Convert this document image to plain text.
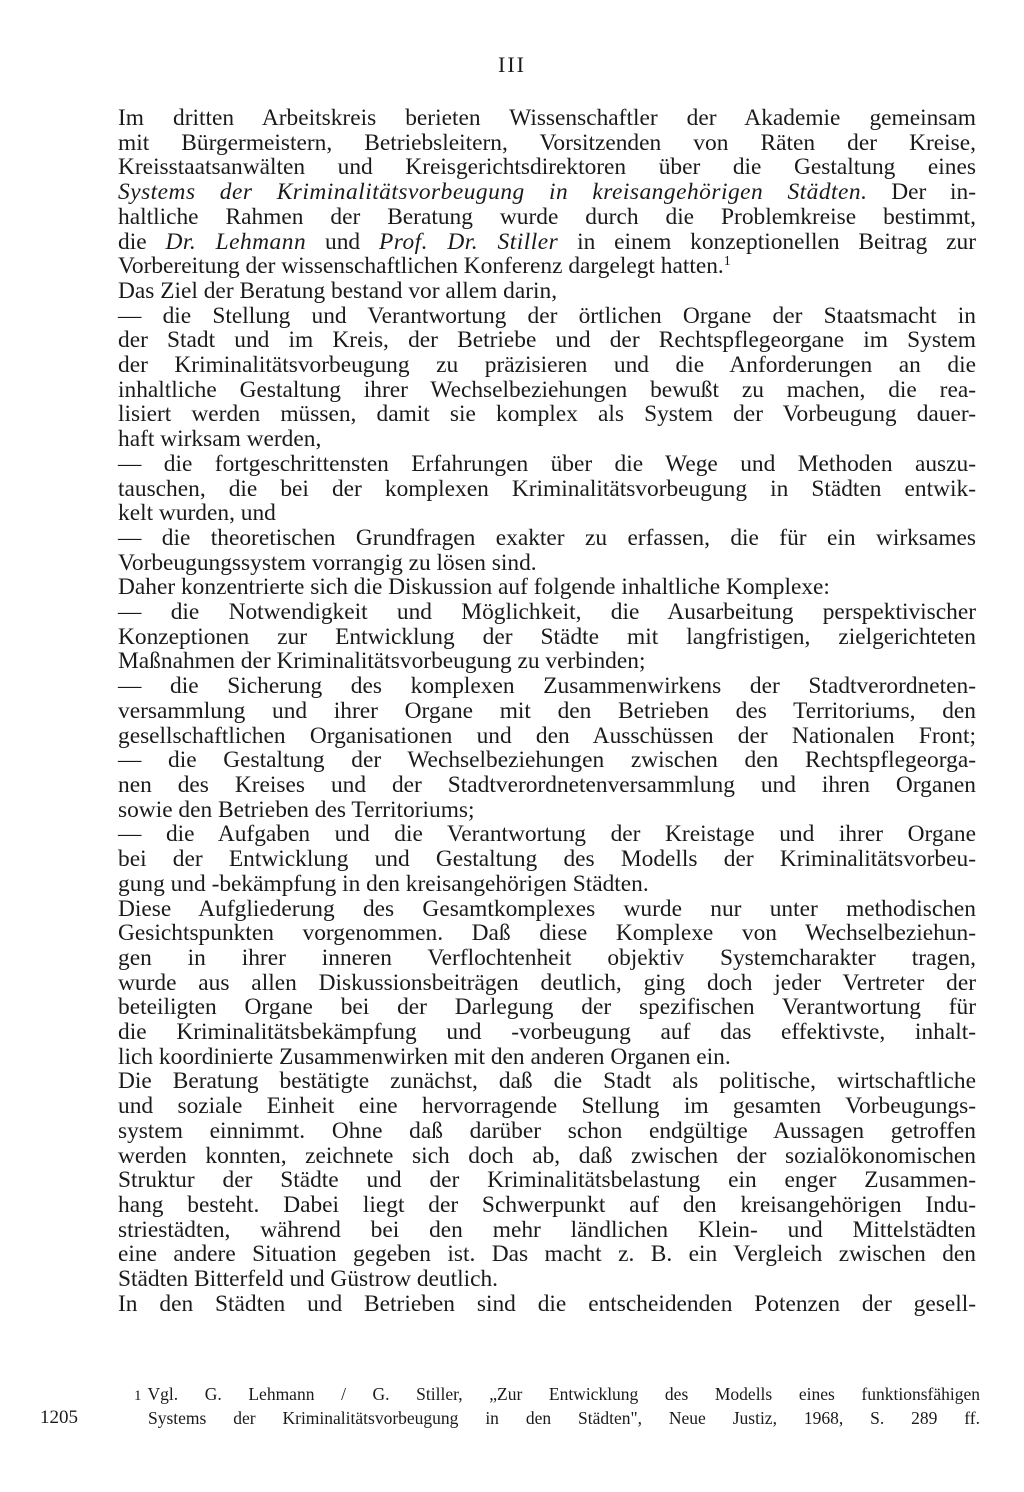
III
Im dritten Arbeitskreis berieten Wissenschaftler der Akademie gemeinsam
mit Bürgermeistern, Betriebsleitern, Vorsitzenden von Räten der Kreise,
Kreisstaatsanwälten und Kreisgerichtsdirektoren über die Gestaltung eines
Systems der Kriminalitätsvorbeugung in kreisangehörigen Städten. Der in-
haltliche Rahmen der Beratung wurde durch die Problemkreise bestimmt,
die Dr. Lehmann und Prof. Dr. Stiller in einem konzeptionellen Beitrag zur
Vorbereitung der wissenschaftlichen Konferenz dargelegt hatten.$^1$
Das Ziel der Beratung bestand vor allem darin,
— die Stellung und Verantwortung der örtlichen Organe der Staatsmacht in
der Stadt und im Kreis, der Betriebe und der Rechtspflegeorgane im System
der Kriminalitätsvorbeugung zu präzisieren und die Anforderungen an die
inhaltliche Gestaltung ihrer Wechselbeziehungen bewußt zu machen, die rea-
lisiert werden müssen, damit sie komplex als System der Vorbeugung dauer-
haft wirksam werden,
— die fortgeschrittensten Erfahrungen über die Wege und Methoden auszu-
tauschen, die bei der komplexen Kriminalitätsvorbeugung in Städten entwik-
kelt wurden, und
— die theoretischen Grundfragen exakter zu erfassen, die für ein wirksames
Vorbeugungssystem vorrangig zu lösen sind.
Daher konzentrierte sich die Diskussion auf folgende inhaltliche Komplexe:
— die Notwendigkeit und Möglichkeit, die Ausarbeitung perspektivischer
Konzeptionen zur Entwicklung der Städte mit langfristigen, zielgerichteten
Maßnahmen der Kriminalitätsvorbeugung zu verbinden;
— die Sicherung des komplexen Zusammenwirkens der Stadtverordneten-
versammlung und ihrer Organe mit den Betrieben des Territoriums, den
gesellschaftlichen Organisationen und den Ausschüssen der Nationalen Front;
— die Gestaltung der Wechselbeziehungen zwischen den Rechtspflegeorga-
nen des Kreises und der Stadtverordnetenversammlung und ihren Organen
sowie den Betrieben des Territoriums;
— die Aufgaben und die Verantwortung der Kreistage und ihrer Organe
bei der Entwicklung und Gestaltung des Modells der Kriminalitätsvorbeu-
gung und -bekämpfung in den kreisangehörigen Städten.
Diese Aufgliederung des Gesamtkomplexes wurde nur unter methodischen
Gesichtspunkten vorgenommen. Daß diese Komplexe von Wechselbeziehun-
gen in ihrer inneren Verflochtenheit objektiv Systemcharakter tragen,
wurde aus allen Diskussionsbeiträgen deutlich, ging doch jeder Vertreter der
beteiligten Organe bei der Darlegung der spezifischen Verantwortung für
die Kriminalitätsbekämpfung und -vorbeugung auf das effektivste, inhalt-
lich koordinierte Zusammenwirken mit den anderen Organen ein.
Die Beratung bestätigte zunächst, daß die Stadt als politische, wirtschaftliche
und soziale Einheit eine hervorragende Stellung im gesamten Vorbeugungs-
system einnimmt. Ohne daß darüber schon endgültige Aussagen getroffen
werden konnten, zeichnete sich doch ab, daß zwischen der sozialökonomischen
Struktur der Städte und der Kriminalitätsbelastung ein enger Zusammen-
hang besteht. Dabei liegt der Schwerpunkt auf den kreisangehörigen Indu-
striestädten, während bei den mehr ländlichen Klein- und Mittelstädten
eine andere Situation gegeben ist. Das macht z. B. ein Vergleich zwischen den
Städten Bitterfeld und Güstrow deutlich.
In den Städten und Betrieben sind die entscheidenden Potenzen der gesell-
1 Vgl. G. Lehmann / G. Stiller, „Zur Entwicklung des Modells eines funktionsfähigen
Systems der Kriminalitätsvorbeugung in den Städten", Neue Justiz, 1968, S. 289 ff.
1205
